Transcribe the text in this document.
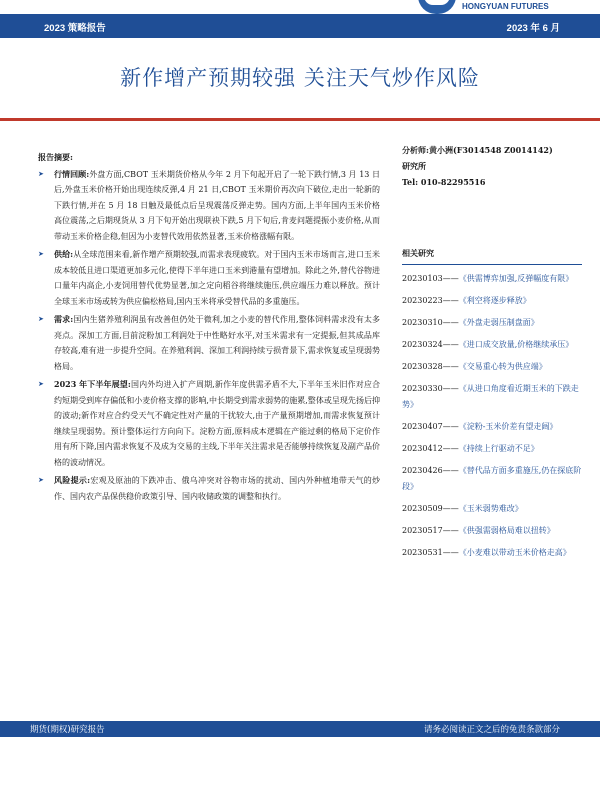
HONGYUAN FUTURES
2023 策略报告	2023 年 6 月
新作增产预期较强 关注天气炒作风险
报告摘要:
➤ 行情回顾:外盘方面,CBOT 玉米期货价格从今年 2 月下旬起开启了一轮下跌行情,3 月 13 日后,外盘玉米价格开始出现连续反弹,4 月 21 日,CBOT 玉米期价再次向下破位,走出一轮新的下跌行情,并在 5 月 18 日触及最低点后呈现震荡反弹走势。国内方面,上半年国内玉米价格高位震荡,之后期现货从 3 月下旬开始出现联袂下跌,5 月下旬后,肯麦问题提振小麦价格,从而带动玉米价格企稳,但因为小麦替代效用依然显著,玉米价格涨幅有限。
➤ 供给:从全球范围来看,新作增产预期较强,而需求表现疲软。对于国内玉米市场而言,进口玉米成本较低且进口渠道更加多元化,使得下半年进口玉米到港量有望增加。除此之外,替代谷物进口量年内高企,小麦饲用替代优势显著,加之定向稻谷将继续施压,供应端压力难以释放。预计全球玉米市场或转为供应偏松格局,国内玉米将承受替代品的多重施压。
➤ 需求:国内生猪养殖利润虽有改善但仍处于微利,加之小麦的替代作用,整体饲料需求没有太多亮点。深加工方面,目前淀粉加工利润处于中性略好水平,对玉米需求有一定提振,但其成品库存较高,难有进一步提升空间。在养殖利润、深加工利润持续亏损背景下,需求恢复或呈现弱势格局。
➤ 2023 年下半年展望:国内外均进入扩产周期,新作年度供需矛盾不大,下半年玉米旧作对应合约短期受到库存偏低和小麦价格支撑的影响,中长期受到需求弱势的施累,整体或呈现先扬后抑的波动;新作对应合约受天气不确定性对产量的干扰较大,由于产量预期增加,而需求恢复预计继续呈现弱势。预计整体运行方向向下。淀粉方面,原料成本逻辑在产能过剩的格局下定价作用有所下降,国内需求恢复不及成为交易的主线,下半年关注需求是否能够持续恢复及副产品价格的波动情况。
➤ 风险提示:宏观及原油的下跌冲击、俄乌冲突对谷物市场的扰动、国内外种植地带天气的炒作、国内农产品保供稳价政策引导、国内收储政策的调整和执行。
分析师:黄小洲(F3014548 Z0014142)
研究所
Tel: 010-82295516
相关研究
20230103——《供需博弈加强,反弹幅度有限》
20230223——《利空将逐步释放》
20230310——《外盘走弱压制盘面》
20230324——《进口成交放量,价格继续承压》
20230328——《交易重心转为供应端》
20230330——《从进口角度看近期玉米的下跌走势》
20230407——《淀粉-玉米价差有望走阔》
20230412——《持续上行驱动不足》
20230426——《替代品方面多重施压,仍在探底阶段》
20230509——《玉米弱势难改》
20230517——《供强需弱格局难以扭转》
20230531——《小麦难以带动玉米价格走高》
期货(期权)研究报告	请务必阅读正文之后的免责条款部分
